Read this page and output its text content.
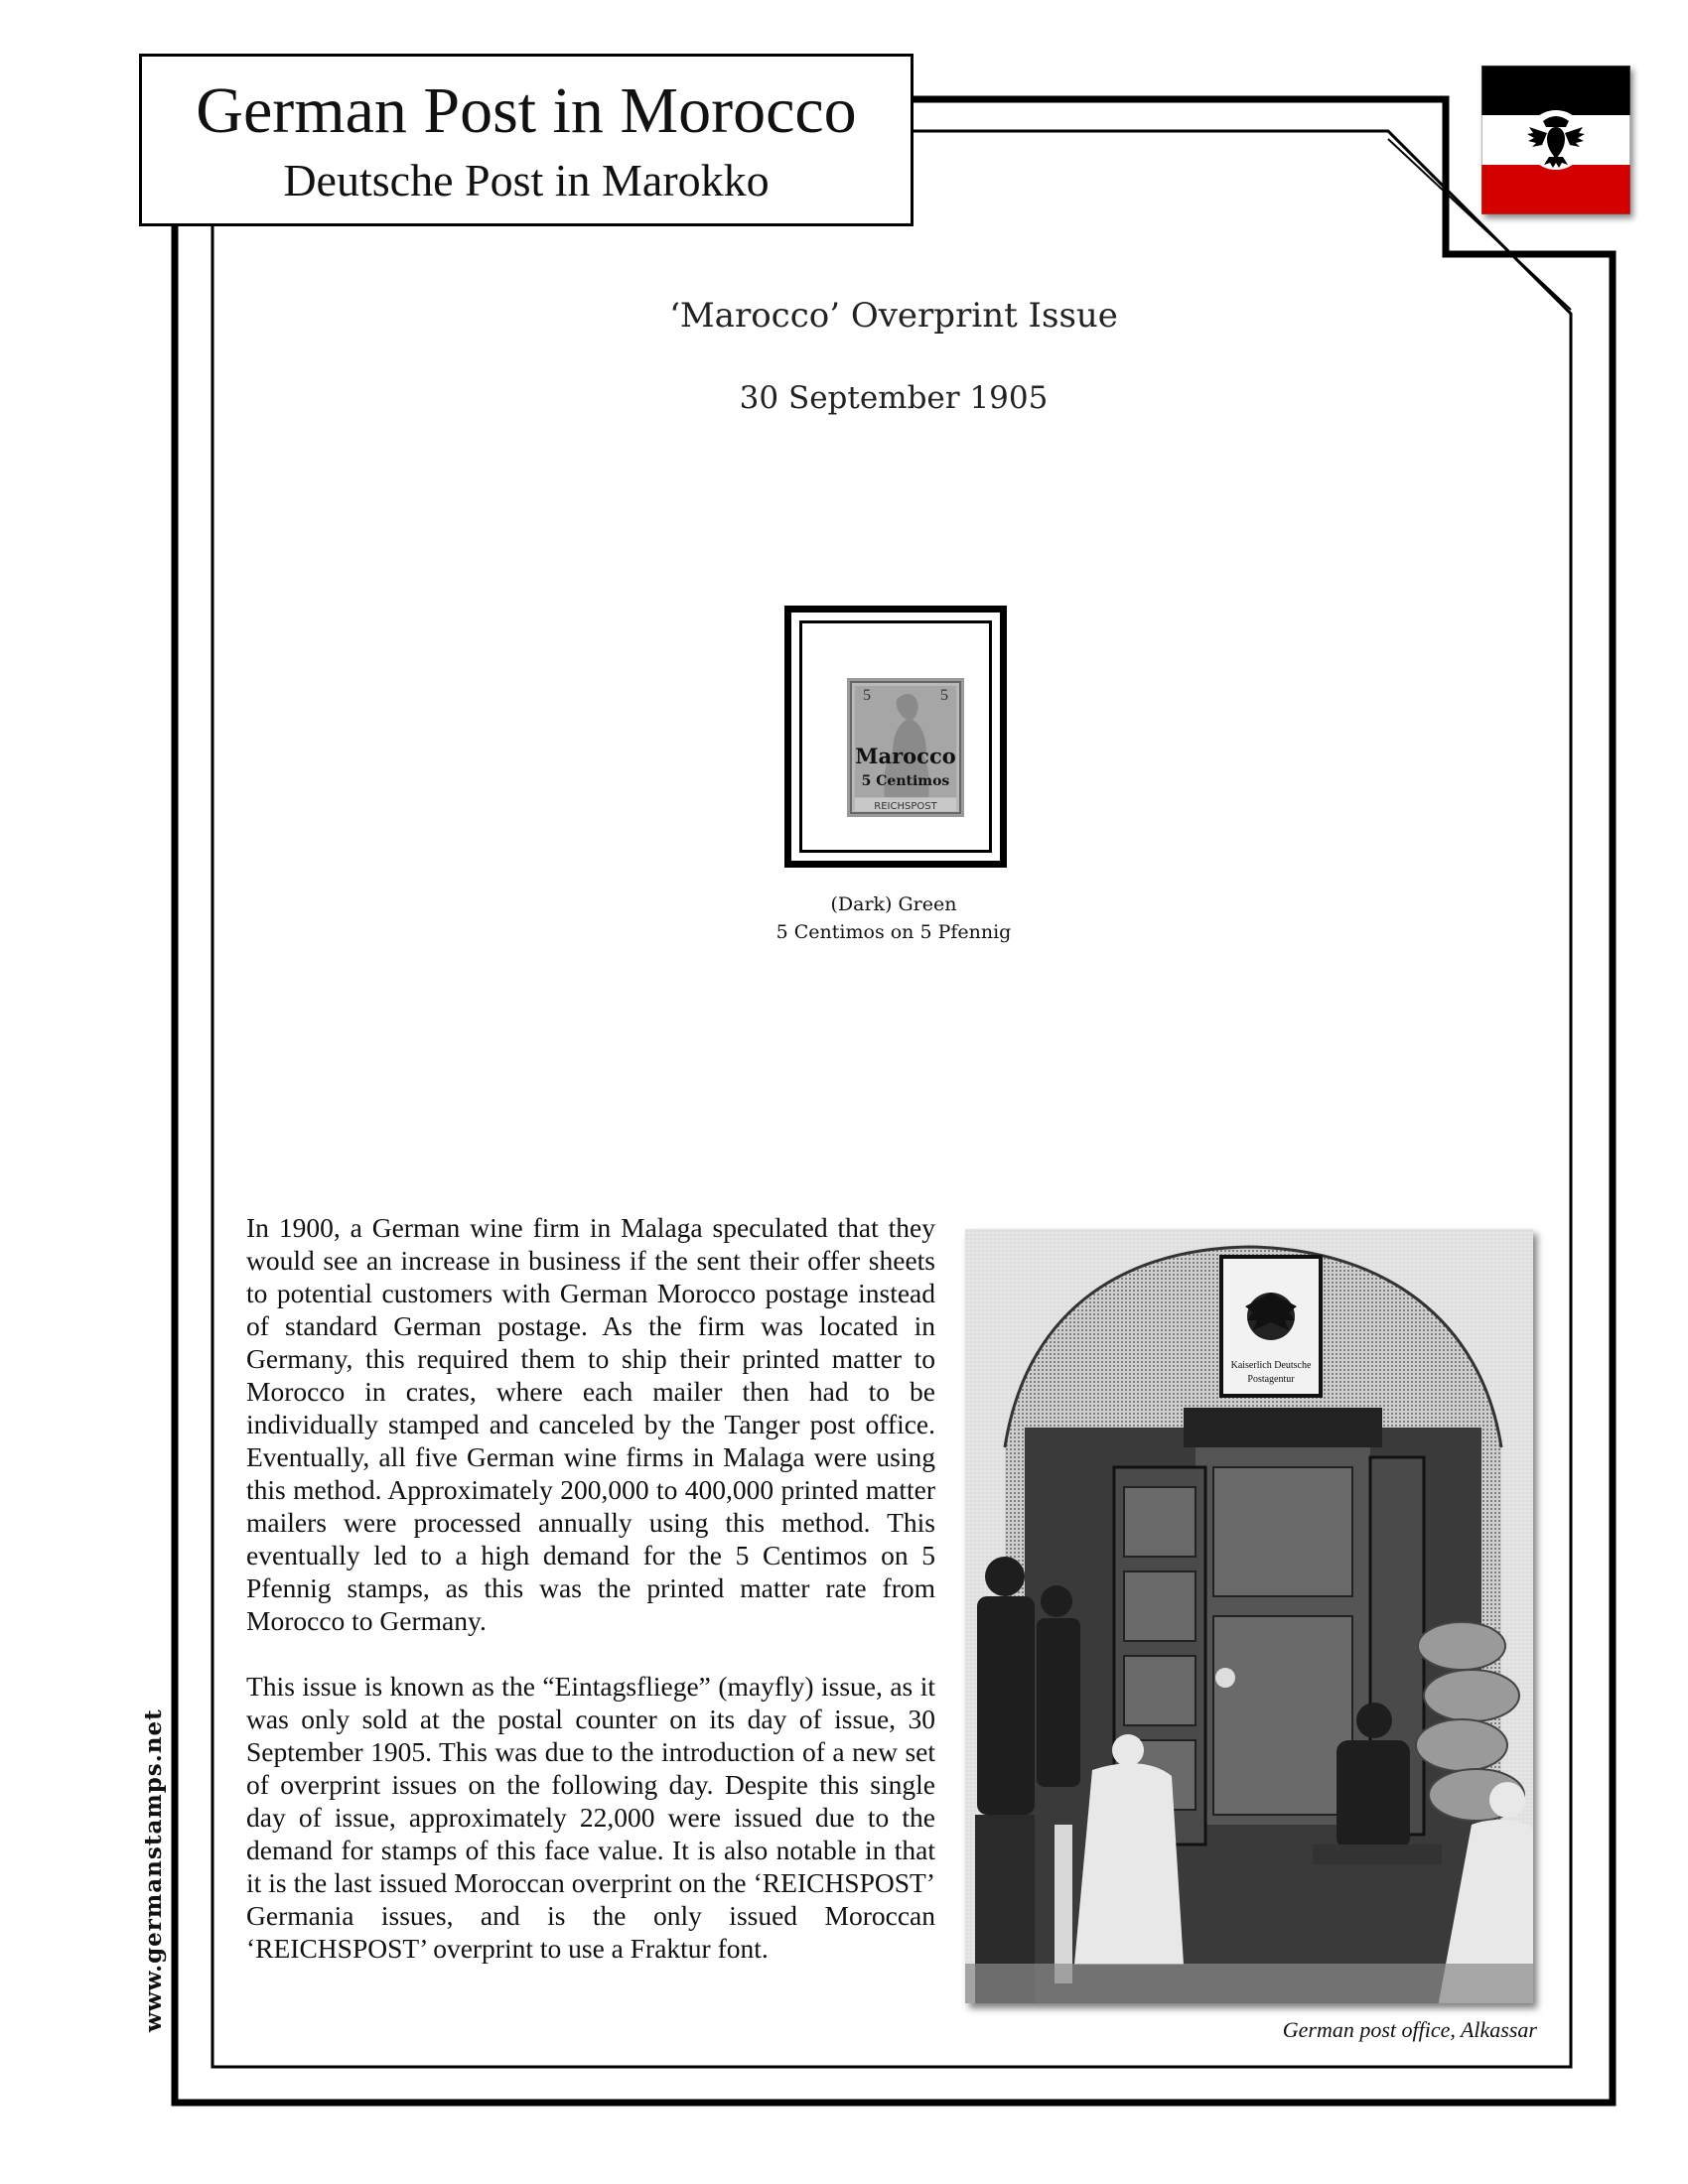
German Post in Morocco
Deutsche Post in Marokko
‘Marocco’ Overprint Issue
30 September 1905
5	5
Marocco
5 Centimos
REICHSPOST
(Dark) Green
5 Centimos on 5 Pfennig

In 1900, a German wine firm in Malaga speculated that they would see an increase in business if the sent their offer sheets to potential customers with German Morocco postage instead of standard German postage. As the firm was located in Germany, this required them to ship their printed matter to Morocco in crates, where each mailer then had to be individually stamped and canceled by the Tanger post office. Eventually, all five German wine firms in Malaga were using this method. Approximately 200,000 to 400,000 printed matter mailers were processed annually using this method. This eventually led to a high demand for the 5 Centimos on 5 Pfennig stamps, as this was the printed matter rate from Morocco to Germany.

This issue is known as the “Eintagsfliege” (mayfly) issue, as it was only sold at the postal counter on its day of issue, 30 September 1905. This was due to the introduction of a new set of overprint issues on the following day. Despite this single day of issue, approximately 22,000 were issued due to the demand for stamps of this face value. It is also notable in that it is the last issued Moroccan overprint on the ‘REICHSPOST’ Germania issues, and is the only issued Moroccan ‘REICHSPOST’ overprint to use a Fraktur font.

Kaiserlich Deutsche
Postagentur
German post office, Alkassar
www.germanstamps.net
